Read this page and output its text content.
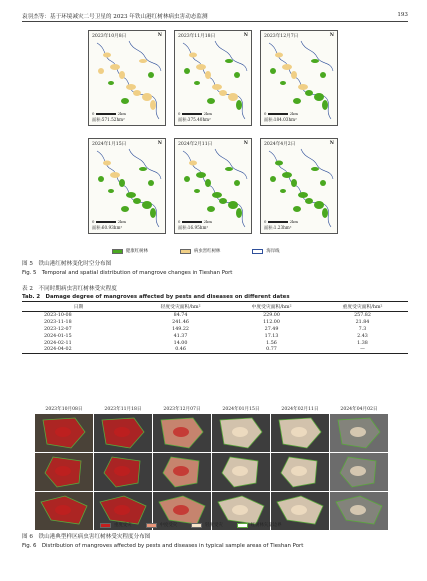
袁羽杰等：基于环境减灾二号卫星的 2023 年铁山港红树林病虫害动态监测	193
2023年10月8日	N
0	2km
面积:571.52hm²
2023年11月18日	N
0	2km
面积:375.40hm²
2023年12月7日	N
0	2km
面积:184.03hm²
2024年1月15日	N
0	2km
面积:60.93hm²
2024年2月11日	N
0	2km
面积:16.95hm²
2024年4月2日	N
0	2km
面积:1.23hm²
健康红树林	病虫害红树林	海岸线
图 5　铁山港红树林变化时空分布图
Fig. 5　Temporal and spatial distribution of mangrove changes in Tieshan Port
表 2　不同时期病虫害红树林受灾程度
Tab. 2　Damage degree of mangroves affected by pests and diseases on different dates
日期	轻度受灾面积/hm²	中度受灾面积/hm²	重度受灾面积/hm²
2023-10-08	84.74	229.00	257.82
2023-11-18	241.46	112.00	21.84
2023-12-07	149.22	27.49	7.3
2024-01-15	41.37	17.13	2.43
2024-02-11	14.00	1.56	1.38
2024-04-02	0.46	0.77	—
2023年10月08日	2023年11月18日	2023年12月07日	2024年01月15日	2024年02月11日	2024年04月02日
重度受灾	中度受灾	轻度受灾	红树林矢量边界
图 6　铁山港典型样区病虫害红树林受灾程度分布图
Fig. 6　Distribution of mangroves affected by pests and diseases in typical sample areas of Tieshan Port
